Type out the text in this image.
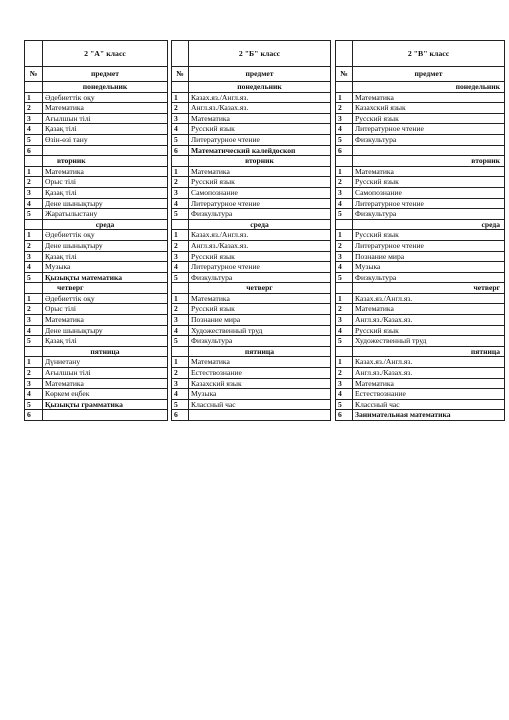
	2 "А" класс
№	предмет
	понедельник
1	Әдебиеттік оқу
2	Математика
3	Ағылшын тілі
4	Қазақ тілі
5	Өзін-өзі тану
6	
	вторник
1	Математика
2	Орыс тілі
3	Қазақ тілі
4	Дене шынықтыру
5	Жаратылыстану
	среда
1	Әдебиеттік оқу
2	Дене шынықтыру
3	Қазақ тілі
4	Музыка
5	Қызықты математика
	четверг
1	Әдебиеттік оқу
2	Орыс тілі
3	Математика
4	Дене шынықтыру
5	Қазақ тілі
	пятница
1	Дүниетану
2	Ағылшын тілі
3	Математика
4	Көркем еңбек
5	Қызықты грамматика
6	
	2 "Б" класс
№	предмет
	понедельник
1	Казах.яз./Англ.яз.
2	Англ.яз./Казах.яз.
3	Математика
4	Русский язык
5	Литературное чтение
6	Математический калейдоскоп
	вторник
1	Математика
2	Русский язык
3	Самопознание
4	Литературное чтение
5	Физкультура
	среда
1	Казах.яз./Англ.яз.
2	Англ.яз./Казах.яз.
3	Русский язык
4	Литературное чтение
5	Физкультура
	четверг
1	Математика
2	Русский язык
3	Познание мира
4	Художественный труд
5	Физкультура
	пятница
1	Математика
2	Естествознание
3	Казахский язык
4	Музыка
5	Классный час
6	
	2 "В" класс
№	предмет
	понедельник
1	Математика
2	Казахский язык
3	Русский язык
4	Литературное чтение
5	Физкультура
6	
	вторник
1	Математика
2	Русский язык
3	Самопознание
4	Литературное чтение
5	Физкультура
	среда
1	Русский язык
2	Литературное чтение
3	Познание мира
4	Музыка
5	Физкультура
	четверг
1	Казах.яз./Англ.яз.
2	Математика
3	Англ.яз./Казах.яз.
4	Русский язык
5	Художественный труд
	пятница
1	Казах.яз./Англ.яз.
2	Англ.яз./Казах.яз.
3	Математика
4	Естествознание
5	Классный час
6	Занимательная математика
